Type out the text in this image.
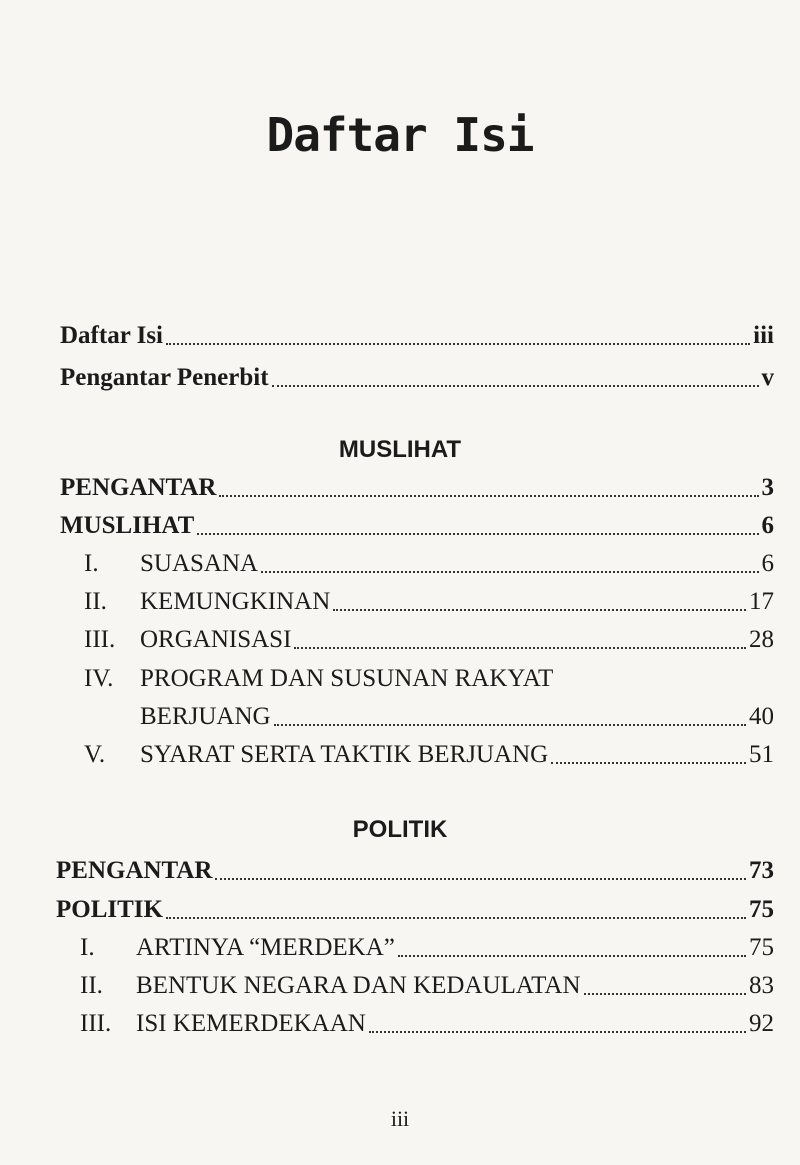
Daftar Isi
Daftar Isi	iii
Pengantar Penerbit	v
MUSLIHAT
PENGANTAR	3
MUSLIHAT	6
I. SUASANA	6
II. KEMUNGKINAN	17
III. ORGANISASI	28
IV. PROGRAM DAN SUSUNAN RAKYAT
BERJUANG	40
V. SYARAT SERTA TAKTIK BERJUANG	51
POLITIK
PENGANTAR	73
POLITIK	75
I. ARTINYA “MERDEKA”	75
II. BENTUK NEGARA DAN KEDAULATAN	83
III. ISI KEMERDEKAAN	92
iii
